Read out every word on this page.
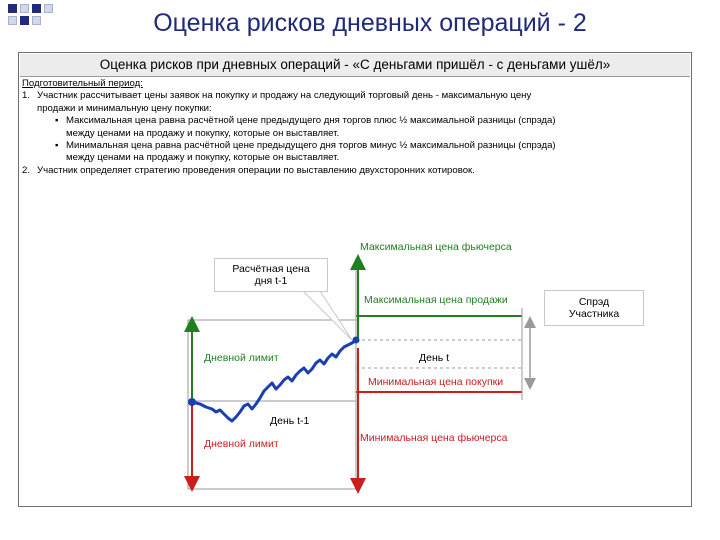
Оценка рисков дневных операций - 2
Оценка рисков при дневных операций - «С деньгами пришёл - с деньгами ушёл»
Подготовительный период:
1. Участник рассчитывает цены заявок на покупку и продажу на следующий торговый день - максимальную цену
продажи и минимальную цену покупки:
▪ Максимальная цена равна расчётной цене предыдущего дня торгов плюс ½ максимальной разницы (спрэда)
между ценами на продажу и покупку, которые он выставляет.
▪ Минимальная цена равна расчётной цене предыдущего дня торгов минус ½ максимальной разницы (спрэда)
между ценами на продажу и покупку, которые он выставляет.
2. Участник определяет стратегию проведения операции по выставлению двухсторонних котировок.
Расчётная цена
дня t-1
Спрэд
Участника
Максимальная цена фьючерса
Максимальная цена продажи
Дневной лимит	День t
Минимальная цена покупки
День t-1
Дневной лимит	Минимальная цена фьючерса
